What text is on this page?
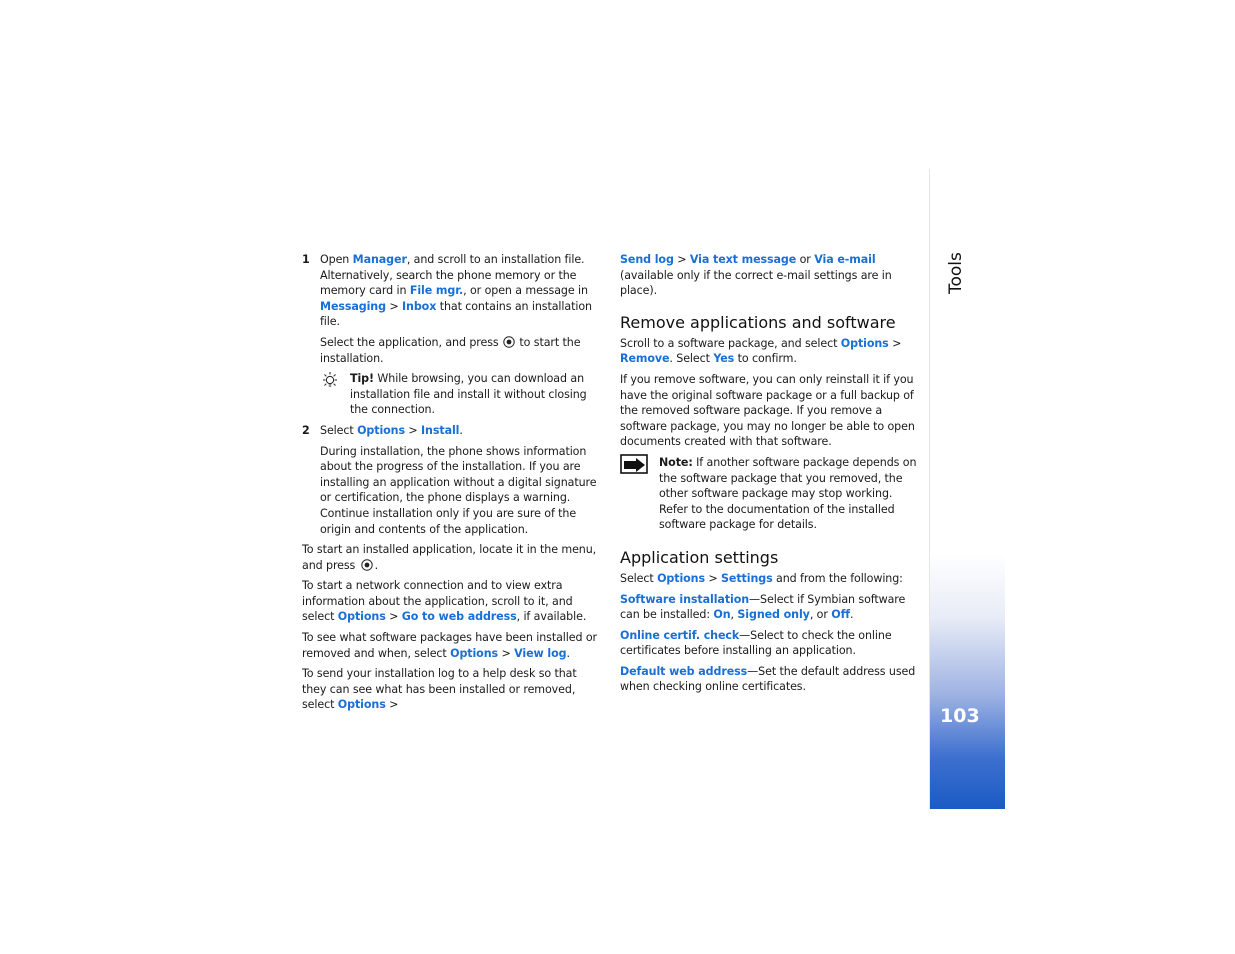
1 Open Manager, and scroll to an installation file. Alternatively, search the phone memory or the memory card in File mgr., or open a message in Messaging > Inbox that contains an installation file.
Select the application, and press  to start the installation.
Tip! While browsing, you can download an installation file and install it without closing the connection.
2 Select Options > Install.
During installation, the phone shows information about the progress of the installation. If you are installing an application without a digital signature or certification, the phone displays a warning. Continue installation only if you are sure of the origin and contents of the application.
To start an installed application, locate it in the menu, and press .
To start a network connection and to view extra information about the application, scroll to it, and select Options > Go to web address, if available.
To see what software packages have been installed or removed and when, select Options > View log.
To send your installation log to a help desk so that they can see what has been installed or removed, select Options >
Send log > Via text message or Via e-mail (available only if the correct e-mail settings are in place).
Remove applications and software
Scroll to a software package, and select Options > Remove. Select Yes to confirm.
If you remove software, you can only reinstall it if you have the original software package or a full backup of the removed software package. If you remove a software package, you may no longer be able to open documents created with that software.
Note: If another software package depends on the software package that you removed, the other software package may stop working. Refer to the documentation of the installed software package for details.
Application settings
Select Options > Settings and from the following:
Software installation—Select if Symbian software can be installed: On, Signed only, or Off.
Online certif. check—Select to check the online certificates before installing an application.
Default web address—Set the default address used when checking online certificates.
Tools
103
